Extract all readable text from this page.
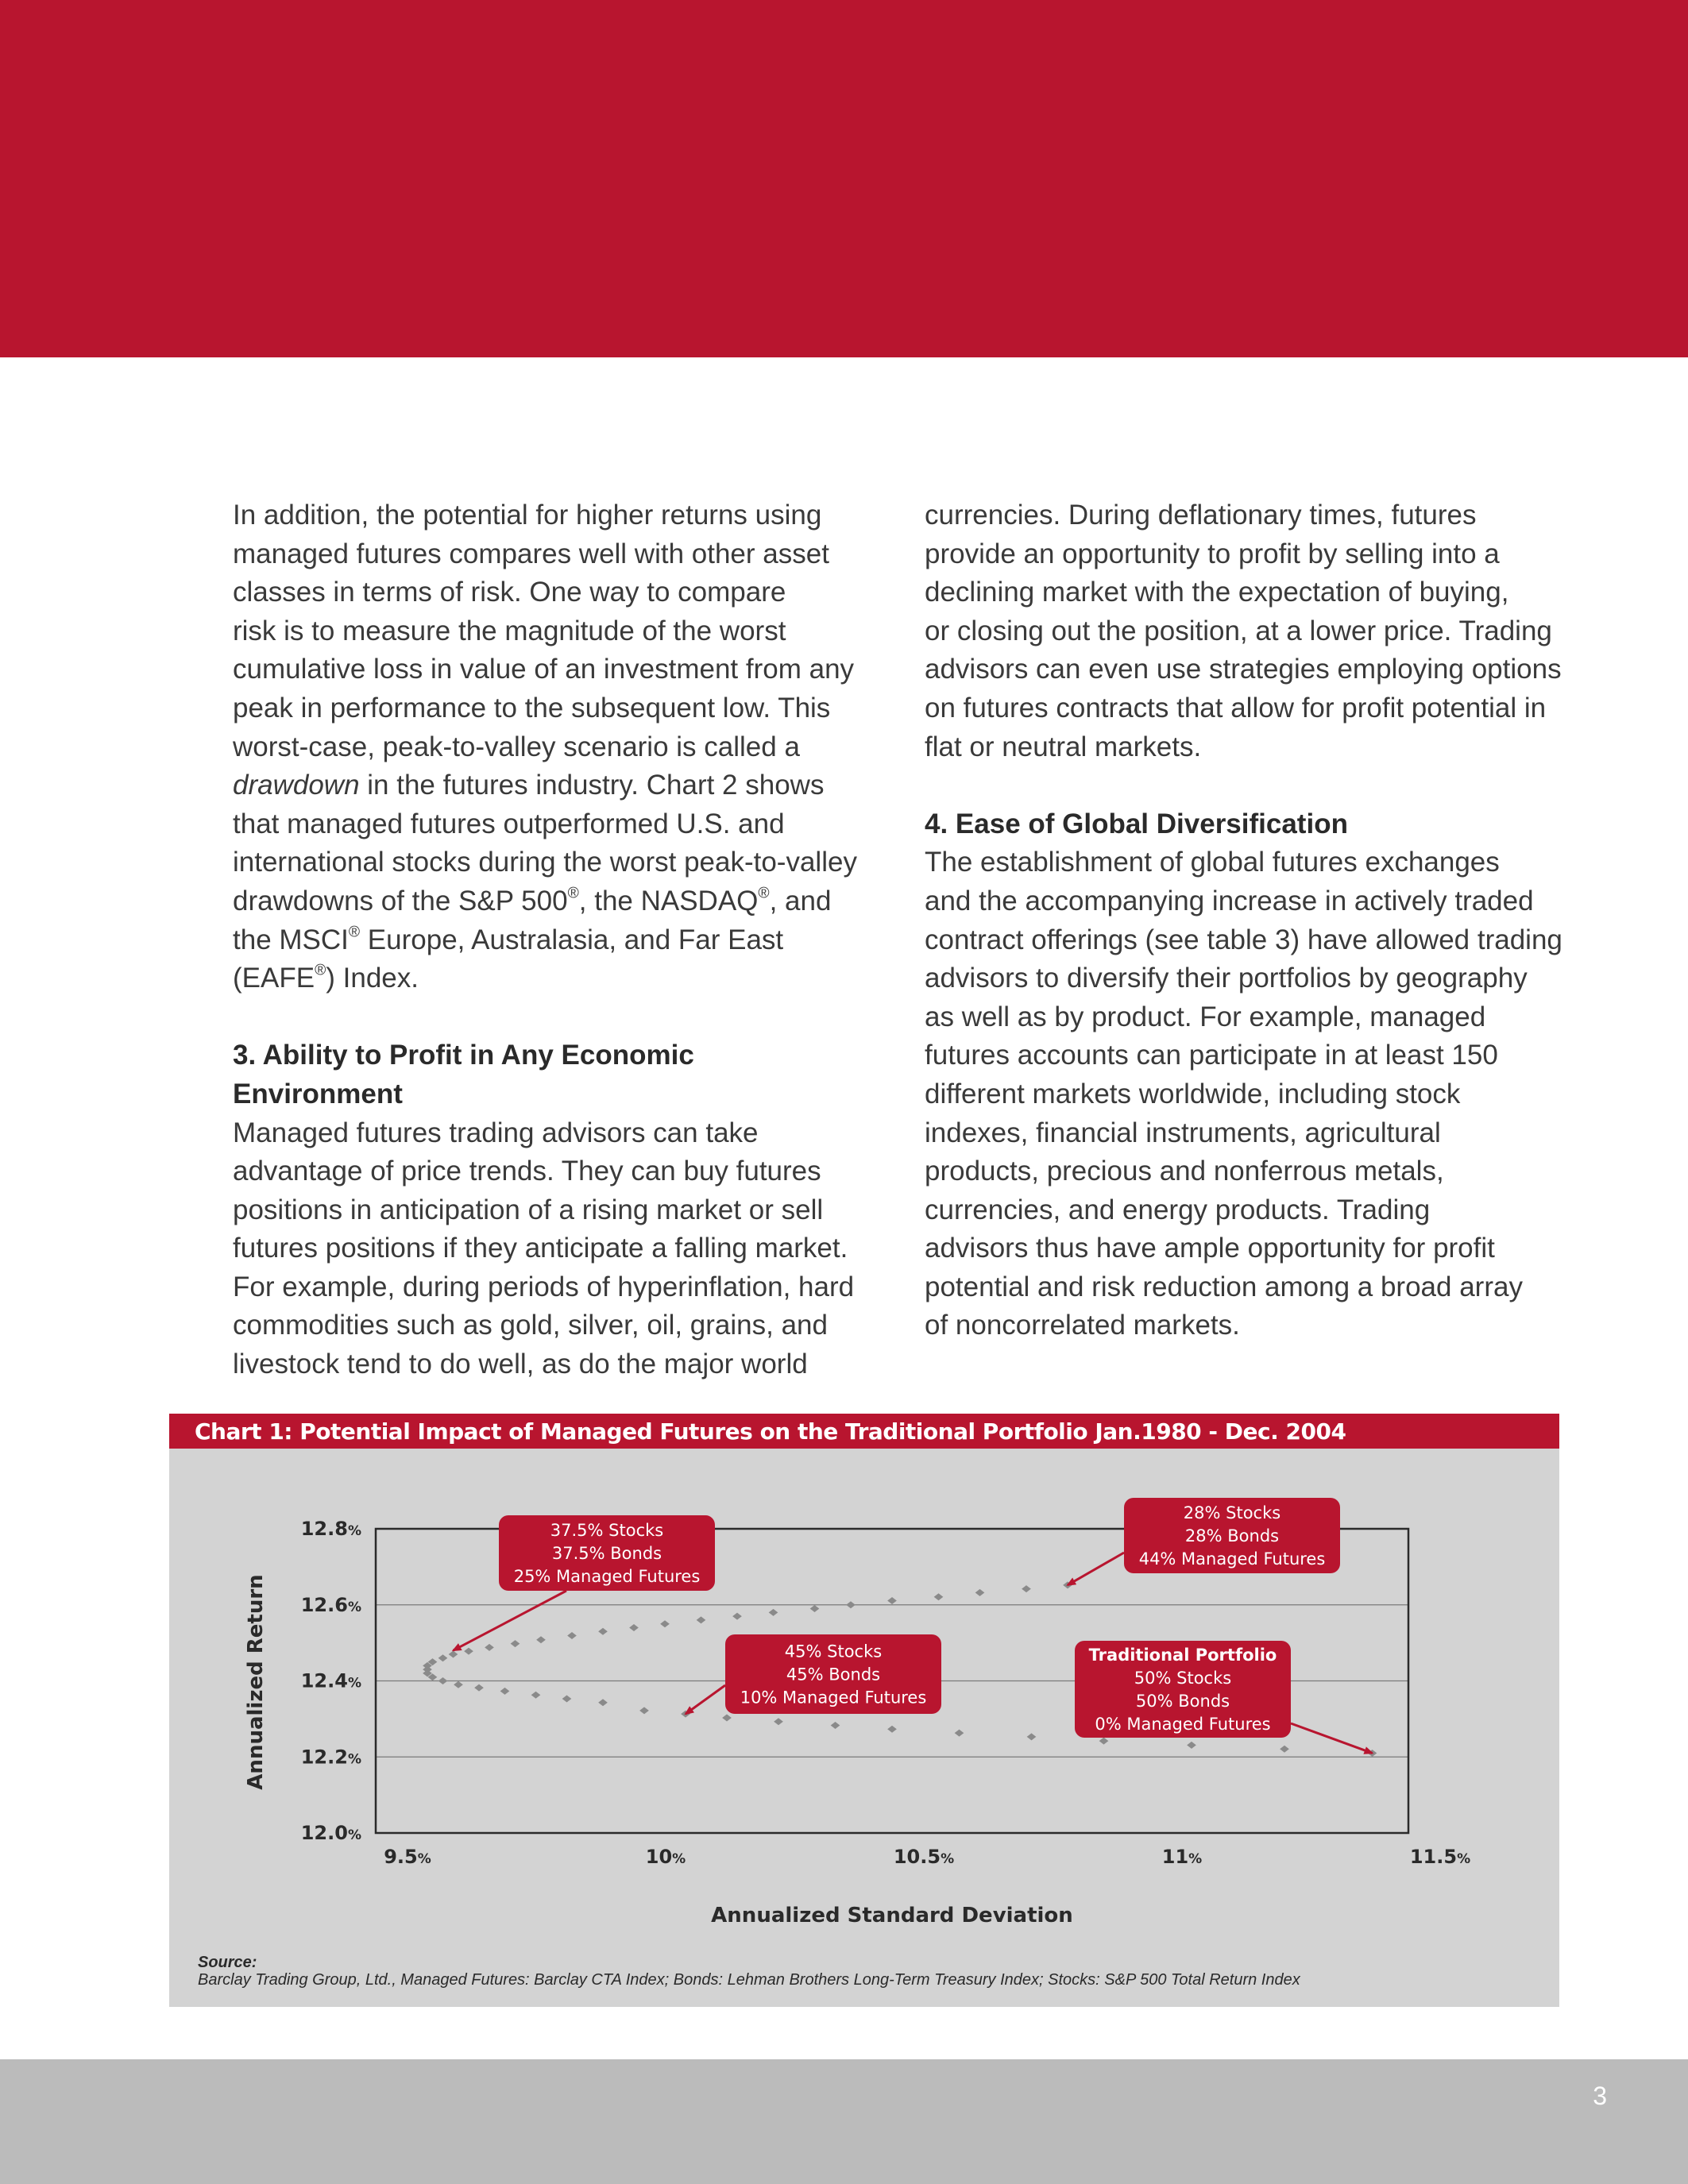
In addition, the potential for higher returns using
managed futures compares well with other asset
classes in terms of risk. One way to compare
risk is to measure the magnitude of the worst
cumulative loss in value of an investment from any
peak in performance to the subsequent low. This
worst-case, peak-to-valley scenario is called a
drawdown in the futures industry. Chart 2 shows
that managed futures outperformed U.S. and
international stocks during the worst peak-to-valley
drawdowns of the S&P 500®, the NASDAQ®, and
the MSCI® Europe, Australasia, and Far East
(EAFE®) Index.

3. Ability to Profit in Any Economic Environment

Managed futures trading advisors can take
advantage of price trends. They can buy futures
positions in anticipation of a rising market or sell
futures positions if they anticipate a falling market.
For example, during periods of hyperinflation, hard
commodities such as gold, silver, oil, grains, and
livestock tend to do well, as do the major world

currencies. During deflationary times, futures
provide an opportunity to profit by selling into a
declining market with the expectation of buying,
or closing out the position, at a lower price. Trading
advisors can even use strategies employing options
on futures contracts that allow for profit potential in
flat or neutral markets.

4. Ease of Global Diversification

The establishment of global futures exchanges
and the accompanying increase in actively traded
contract offerings (see table 3) have allowed trading
advisors to diversify their portfolios by geography
as well as by product. For example, managed
futures accounts can participate in at least 150
different markets worldwide, including stock
indexes, financial instruments, agricultural
products, precious and nonferrous metals,
currencies, and energy products. Trading
advisors thus have ample opportunity for profit
potential and risk reduction among a broad array
of noncorrelated markets.

Chart 1: Potential Impact of Managed Futures on the Traditional Portfolio Jan.1980 - Dec. 2004
12.0%
12.2%
12.4%
12.6%
12.8%
9.5%	10%	10.5%	11%	11.5%
Annualized Standard Deviation
Annualized Return
37.5% Stocks
37.5% Bonds
25% Managed Futures
28% Stocks
28% Bonds
44% Managed Futures
45% Stocks
45% Bonds
10% Managed Futures
Traditional Portfolio
50% Stocks
50% Bonds
0% Managed Futures
Source:
Barclay Trading Group, Ltd., Managed Futures: Barclay CTA Index; Bonds: Lehman Brothers Long-Term Treasury Index; Stocks: S&P 500 Total Return Index
3
